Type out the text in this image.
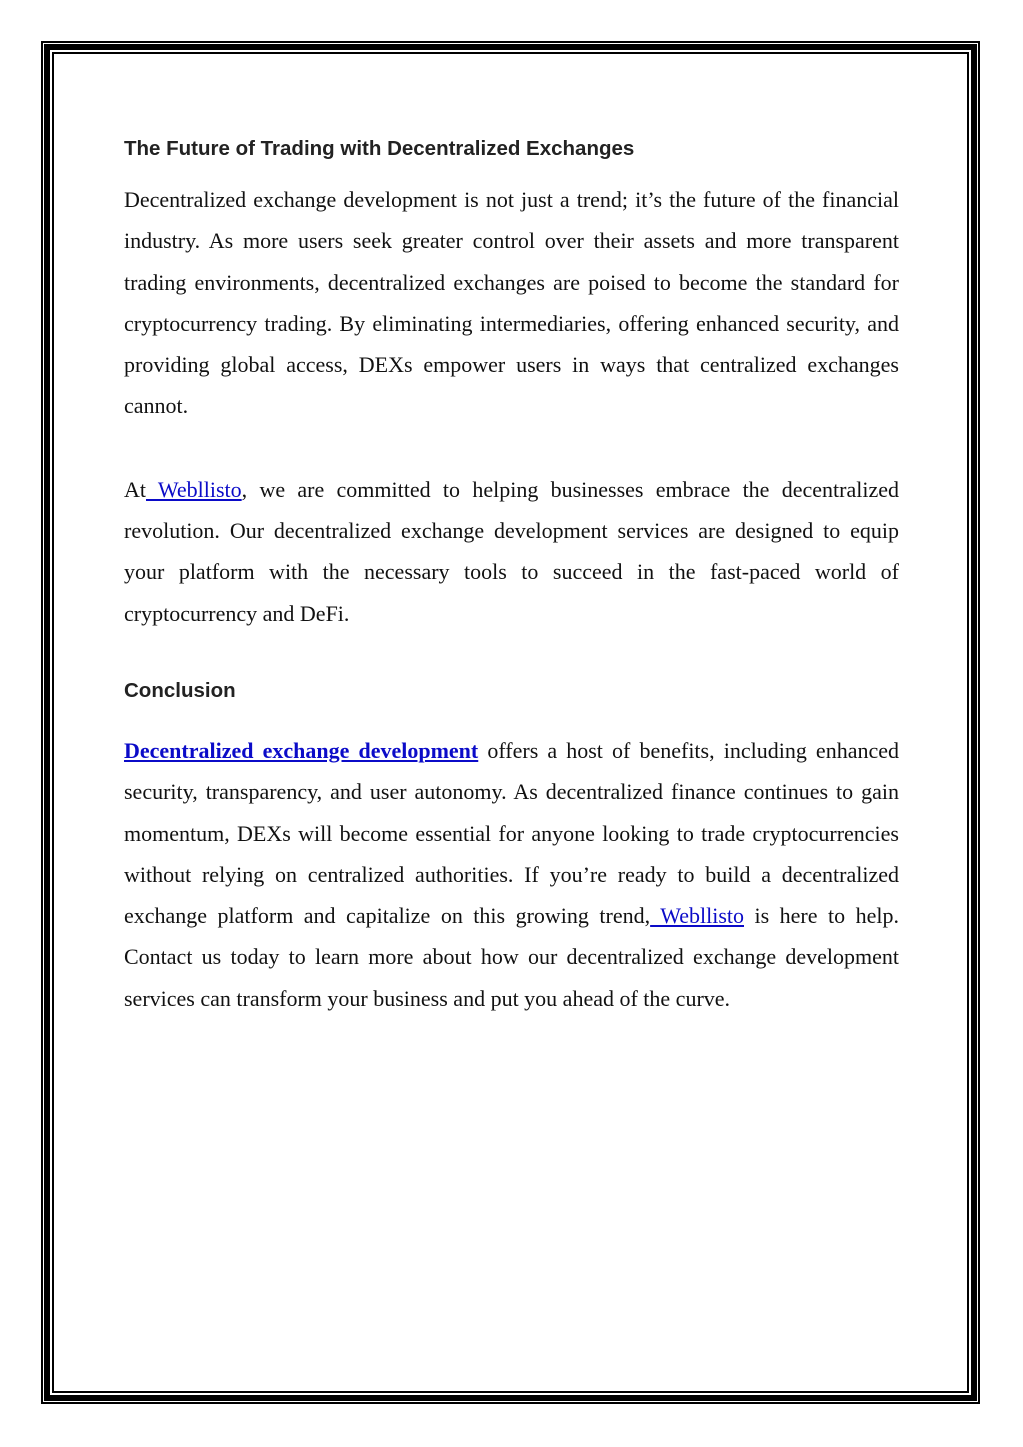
The Future of Trading with Decentralized Exchanges

Decentralized exchange development is not just a trend; it’s the future of the financial industry. As more users seek greater control over their assets and more transparent trading environments, decentralized exchanges are poised to become the standard for cryptocurrency trading. By eliminating intermediaries, offering enhanced security, and providing global access, DEXs empower users in ways that centralized exchanges cannot.

At Webllisto, we are committed to helping businesses embrace the decentralized revolution. Our decentralized exchange development services are designed to equip your platform with the necessary tools to succeed in the fast-paced world of cryptocurrency and DeFi.

Conclusion

Decentralized exchange development offers a host of benefits, including enhanced security, transparency, and user autonomy. As decentralized finance continues to gain momentum, DEXs will become essential for anyone looking to trade cryptocurrencies without relying on centralized authorities. If you’re ready to build a decentralized exchange platform and capitalize on this growing trend, Webllisto is here to help. Contact us today to learn more about how our decentralized exchange development services can transform your business and put you ahead of the curve.
